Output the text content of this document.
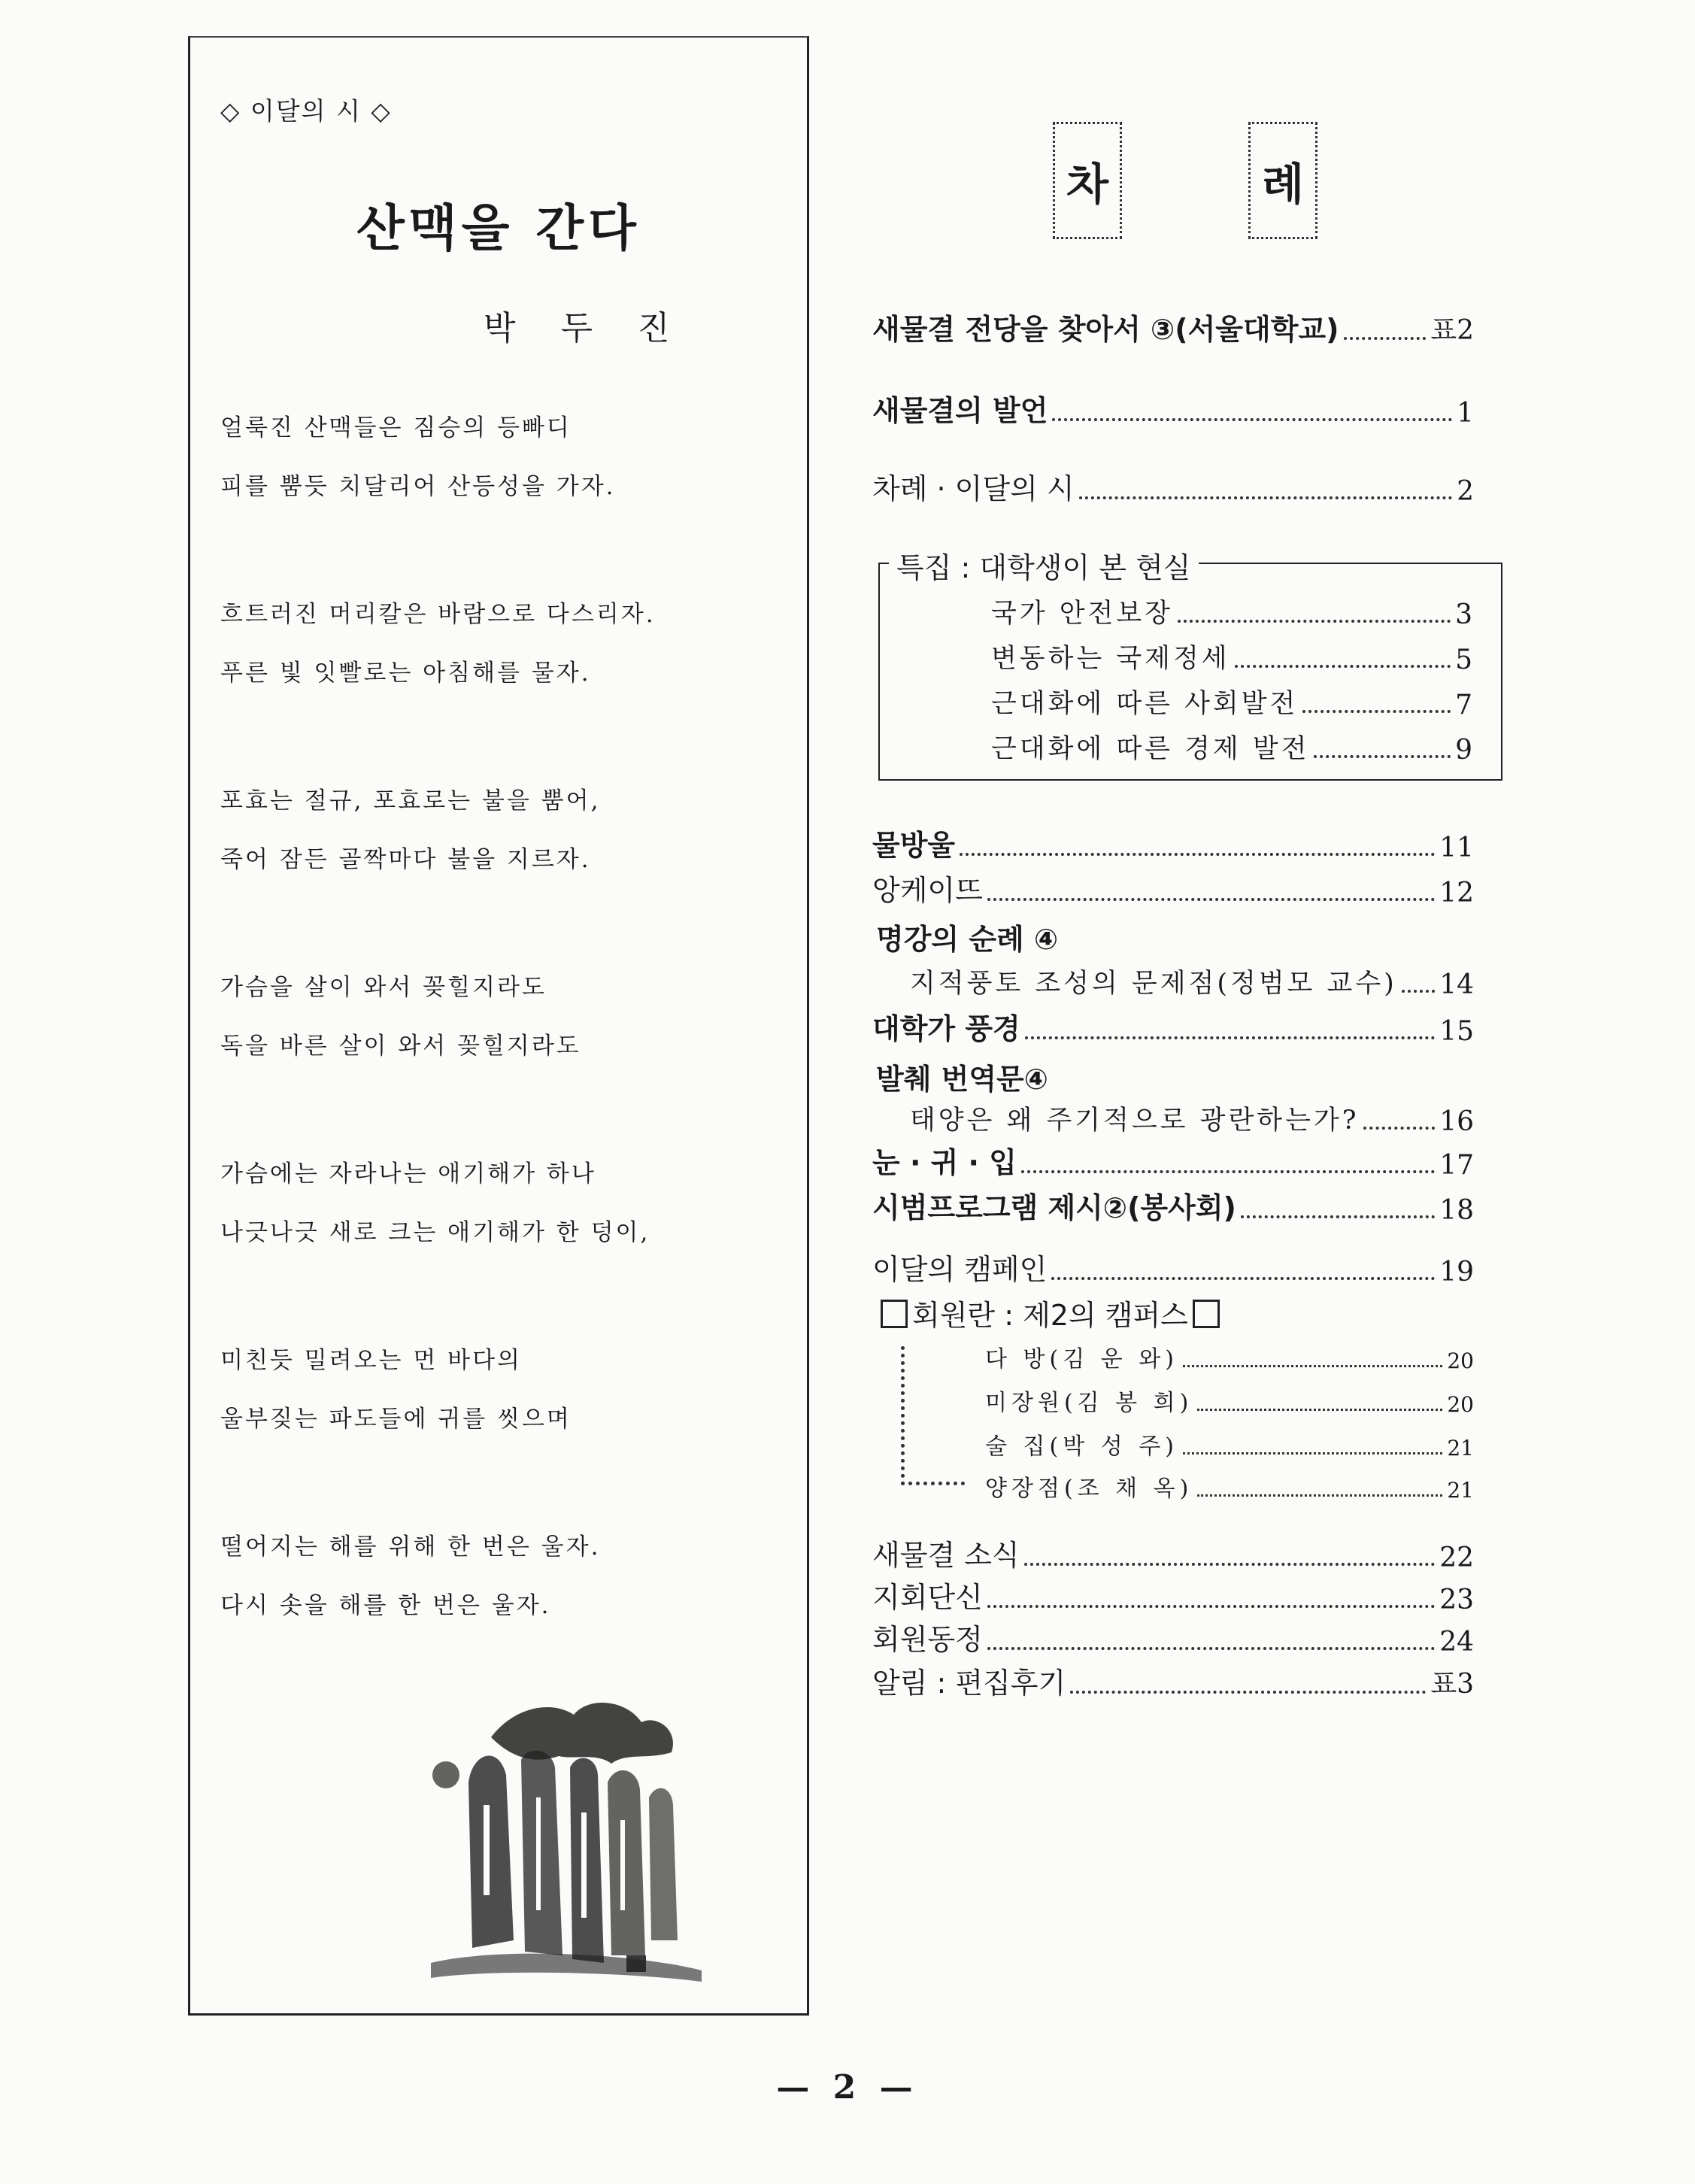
◇ 이달의 시 ◇
산맥을 간다
박두진
얼룩진 산맥들은 짐승의 등빠디
피를 뿜듯 치달리어 산등성을 가자.
흐트러진 머리칼은 바람으로 다스리자.
푸른 빛 잇빨로는 아침해를 물자.
포효는 절규, 포효로는 불을 뿜어,
죽어 잠든 골짝마다 불을 지르자.
가슴을 살이 와서 꽂힐지라도
독을 바른 살이 와서 꽂힐지라도
가슴에는 자라나는 애기해가 하나
나긋나긋 새로 크는 애기해가 한 덩이,
미친듯 밀려오는 먼 바다의
울부짖는 파도들에 귀를 씻으며
떨어지는 해를 위해 한 번은 울자.
다시 솟을 해를 한 번은 울자.
차	례
새물결 전당을 찾아서 ③(서울대학교)	표2
새물결의 발언	1
차례 · 이달의 시	2
특집 : 대학생이 본 현실
국가 안전보장	3
변동하는 국제정세	5
근대화에 따른 사회발전	7
근대화에 따른 경제 발전	9
물방울	11
앙케이뜨	12
명강의 순례 ④
지적풍토 조성의 문제점(정범모 교수) 14
대학가 풍경	15
발췌 번역문④
태양은 왜 주기적으로 광란하는가?	16
눈 · 귀 · 입	17
시범프로그램 제시②(봉사회)	18
이달의 캠페인	19
회원란 : 제2의 캠퍼스
다 방(김 운 와)	20
미장원(김 봉 희)	20
술 집(박 성 주)	21
양장점(조 채 옥)	21
새물결 소식	22
지회단신	23
회원동정	24
알림 : 편집후기	표3
— 2 —
